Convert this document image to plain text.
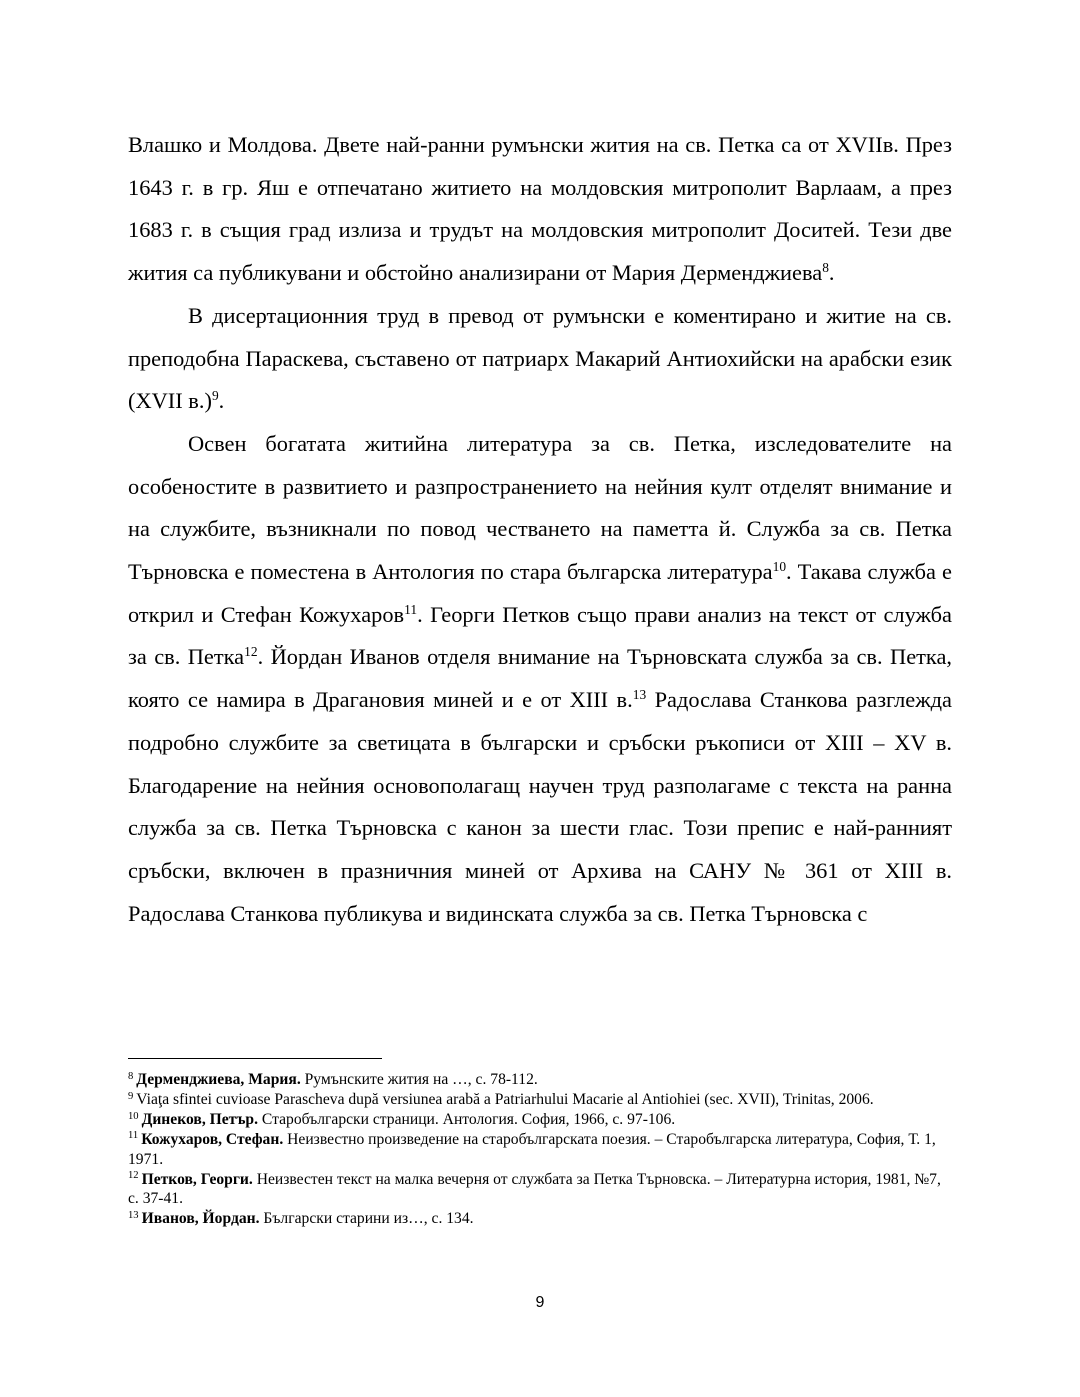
Влашко и Молдова. Двете най-ранни румънски жития на св. Петка са от XVIIв. През 1643 г. в гр. Яш е отпечатано житието на молдовския митрополит Варлаам, а през 1683 г. в същия град излиза и трудът на молдовския митрополит Доситей. Тези две жития са публикувани и обстойно анализирани от Мария Дерменджиева$^8$.

В дисертационния труд в превод от румънски е коментирано и житие на св. преподобна Параскева, съставено от патриарх Макарий Антиохийски на арабски език (XVII в.)$^9$.

Освен богатата житийна литература за св. Петка, изследователите на особеностите в развитието и разпространението на нейния култ отделят внимание и на службите, възникнали по повод честването на паметта й. Служба за св. Петка Търновска е поместена в Антология по стара българска литература$^{10}$. Такава служба е открил и Стефан Кожухаров$^{11}$. Георги Петков също прави анализ на текст от служба за св. Петка$^{12}$. Йордан Иванов отделя внимание на Търновската служба за св. Петка, която се намира в Драгановия миней и е от XIII в.$^{13}$ Радослава Станкова разглежда подробно службите за светицата в български и сръбски ръкописи от XIII – XV в. Благодарение на нейния основополагащ научен труд разполагаме с текста на ранна служба за св. Петка Търновска с канон за шести глас. Този препис е най-ранният сръбски, включен в празничния миней от Архива на САНУ № 361 от XIII в. Радослава Станкова публикува и видинската служба за св. Петка Търновска с

$^8$ Дерменджиева, Мария. Румънските жития на …, с. 78-112.

$^9$ Viaţa sfintei cuvioase Parascheva după versiunea arabă a Patriarhului Macarie al Antiohiei (sec. XVII), Trinitas, 2006.

$^{10}$ Динеков, Петър. Старобългарски страници. Антология. София, 1966, с. 97-106.

$^{11}$ Кожухаров, Стефан. Неизвестно произведение на старобългарската поезия. – Старобългарска литература, София, Т. 1, 1971.

$^{12}$ Петков, Георги. Неизвестен текст на малка вечерня от службата за Петка Търновска. – Литературна история, 1981, №7, с. 37-41.

$^{13}$ Иванов, Йордан. Български старини из…, с. 134.

9
